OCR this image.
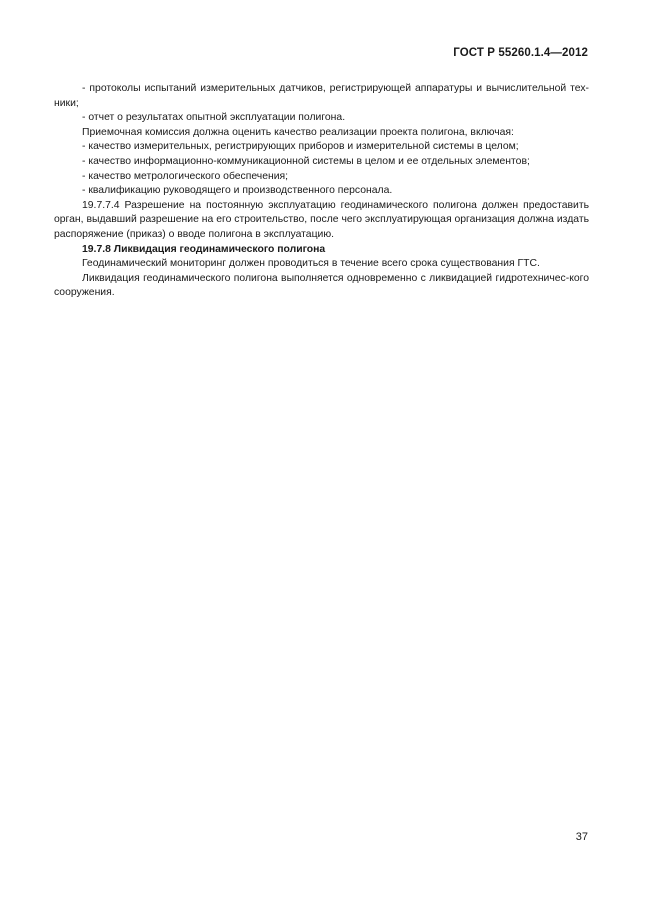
ГОСТ Р 55260.1.4—2012

- протоколы испытаний измерительных датчиков, регистрирующей аппаратуры и вычислительной тех-ники;

- отчет о результатах опытной эксплуатации полигона.

Приемочная комиссия должна оценить качество реализации проекта полигона, включая:

- качество измерительных, регистрирующих приборов и измерительной системы в целом;

- качество информационно-коммуникационной системы в целом и ее отдельных элементов;

- качество метрологического обеспечения;

- квалификацию руководящего и производственного персонала.

19.7.7.4 Разрешение на постоянную эксплуатацию геодинамического полигона должен предоставить орган, выдавший разрешение на его строительство, после чего эксплуатирующая организация должна издать распоряжение (приказ) о вводе полигона в эксплуатацию.

19.7.8 Ликвидация геодинамического полигона

Геодинамический мониторинг должен проводиться в течение всего срока существования ГТС.

Ликвидация геодинамического полигона выполняется одновременно с ликвидацией гидротехничес-кого сооружения.

37
